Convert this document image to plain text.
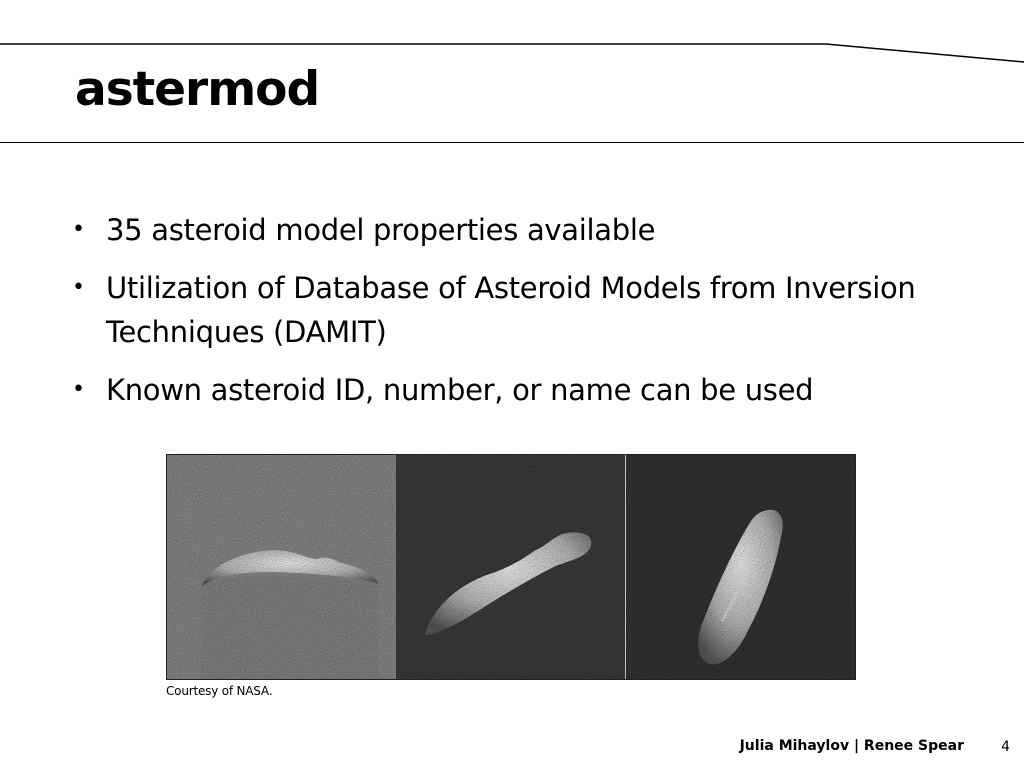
astermod
• 35 asteroid model properties available
• Utilization of Database of Asteroid Models from Inversion Techniques (DAMIT)
• Known asteroid ID, number, or name can be used
Courtesy of NASA.
Julia Mihaylov | Renee Spear	4
